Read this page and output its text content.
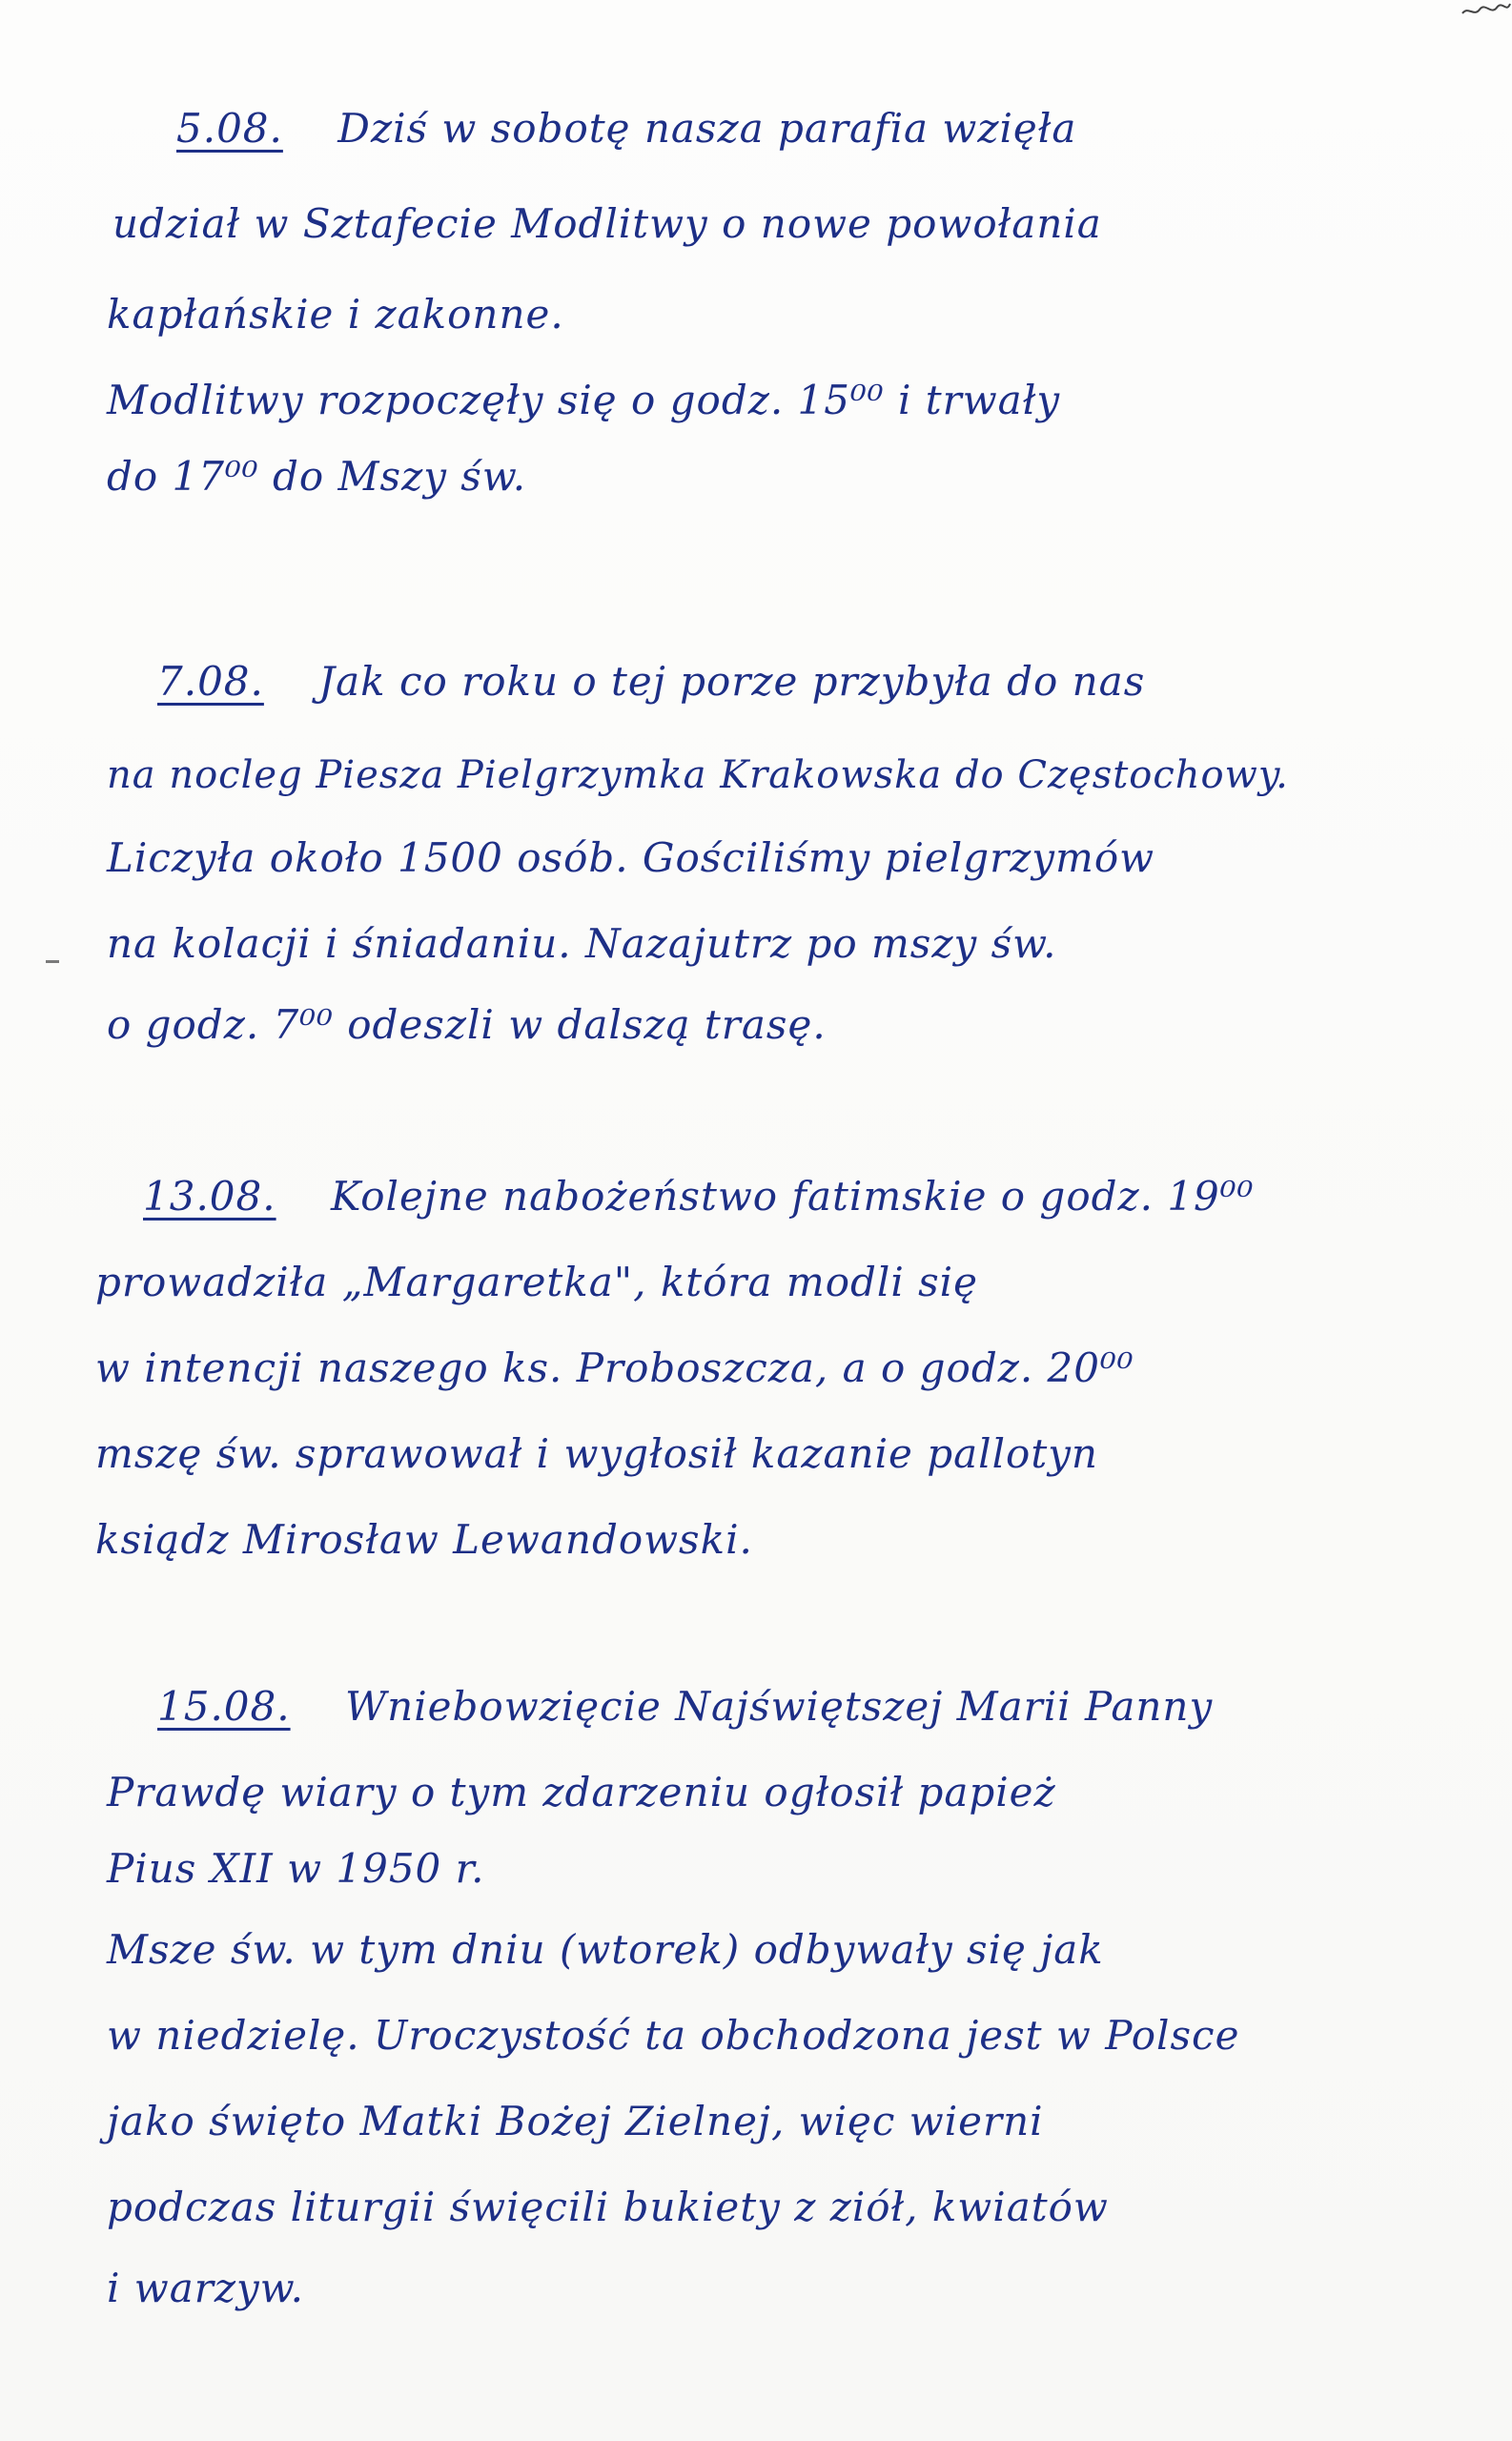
5.08. Dziś w sobotę nasza parafia wzięła
udział w Sztafecie Modlitwy o nowe powołania
kapłańskie i zakonne.
Modlitwy rozpoczęły się o godz. 15⁰⁰ i trwały
do 17⁰⁰ do Mszy św.
7.08. Jak co roku o tej porze przybyła do nas
na nocleg Piesza Pielgrzymka Krakowska do Częstochowy.
Liczyła około 1500 osób. Gościliśmy pielgrzymów
na kolacji i śniadaniu. Nazajutrz po mszy św.
o godz. 7⁰⁰ odeszli w dalszą trasę.
13.08. Kolejne nabożeństwo fatimskie o godz. 19⁰⁰
prowadziła „Margaretka", która modli się
w intencji naszego ks. Proboszcza, a o godz. 20⁰⁰
mszę św. sprawował i wygłosił kazanie pallotyn
ksiądz Mirosław Lewandowski.
15.08. Wniebowzięcie Najświętszej Marii Panny
Prawdę wiary o tym zdarzeniu ogłosił papież
Pius XII w 1950 r.
Msze św. w tym dniu (wtorek) odbywały się jak
w niedzielę. Uroczystość ta obchodzona jest w Polsce
jako święto Matki Bożej Zielnej, więc wierni
podczas liturgii święcili bukiety z ziół, kwiatów
i warzyw.
